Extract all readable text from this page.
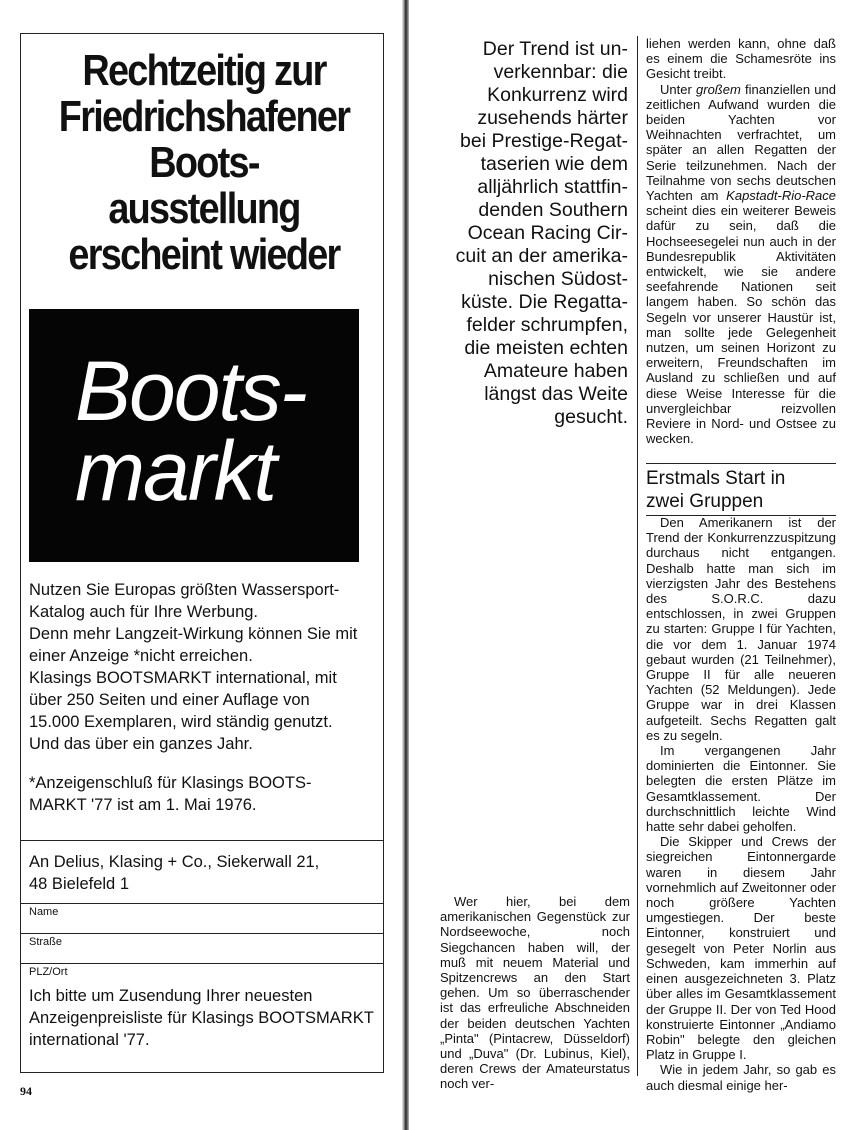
Rechtzeitig zur
Friedrichshafener
Boots-
ausstellung
erscheint wieder
Boots-
markt

Nutzen Sie Europas größten Wassersport-

Katalog auch für Ihre Werbung.

Denn mehr Langzeit-Wirkung können Sie mit

einer Anzeige *nicht erreichen.

Klasings BOOTSMARKT international, mit

über 250 Seiten und einer Auflage von

15.000 Exemplaren, wird ständig genutzt.

Und das über ein ganzes Jahr.

*Anzeigenschluß für Klasings BOOTS-

MARKT '77 ist am 1. Mai 1976.

An Delius, Klasing + Co., Siekerwall 21,
48 Bielefeld 1
Name
Straße
PLZ/Ort
Ich bitte um Zusendung Ihrer neuesten
Anzeigenpreisliste für Klasings BOOTSMARKT
international '77.
94

Der Trend ist un-

verkennbar: die

Konkurrenz wird

zusehends härter

bei Prestige-Regat-

taserien wie dem

alljährlich stattfin-

denden Southern

Ocean Racing Cir-

cuit an der amerika-

nischen Südost-

küste. Die Regatta-

felder schrumpfen,

die meisten echten

Amateure haben

längst das Weite

gesucht.

liehen werden kann, ohne daß es einem die Schamesröte ins Gesicht treibt.

Unter großem finanziellen und zeitlichen Aufwand wurden die beiden Yachten vor Weihnachten verfrachtet, um später an allen Regatten der Serie teilzunehmen. Nach der Teilnahme von sechs deutschen Yachten am Kapstadt-Rio-Race scheint dies ein weiterer Beweis dafür zu sein, daß die Hochseesegelei nun auch in der Bundesrepublik Aktivitäten entwickelt, wie sie andere seefahrende Nationen seit langem haben. So schön das Segeln vor unserer Haustür ist, man sollte jede Gelegenheit nutzen, um seinen Horizont zu erweitern, Freundschaften im Ausland zu schließen und auf diese Weise Interesse für die unvergleichbar reizvollen Reviere in Nord- und Ostsee zu wecken.

Erstmals Start in
zwei Gruppen

Den Amerikanern ist der Trend der Konkurrenzzuspitzung durchaus nicht entgangen. Deshalb hatte man sich im vierzigsten Jahr des Bestehens des S.O.R.C. dazu entschlossen, in zwei Gruppen zu starten: Gruppe I für Yachten, die vor dem 1. Januar 1974 gebaut wurden (21 Teilnehmer), Gruppe II für alle neueren Yachten (52 Meldungen). Jede Gruppe war in drei Klassen aufgeteilt. Sechs Regatten galt es zu segeln.

Im vergangenen Jahr dominierten die Eintonner. Sie belegten die ersten Plätze im Gesamtklassement. Der durchschnittlich leichte Wind hatte sehr dabei geholfen.

Die Skipper und Crews der siegreichen Eintonnergarde waren in diesem Jahr vornehmlich auf Zweitonner oder noch größere Yachten umgestiegen. Der beste Eintonner, konstruiert und gesegelt von Peter Norlin aus Schweden, kam immerhin auf einen ausgezeichneten 3. Platz über alles im Gesamtklassement der Gruppe II. Der von Ted Hood konstruierte Eintonner „Andiamo Robin" belegte den gleichen Platz in Gruppe I.

Wie in jedem Jahr, so gab es auch diesmal einige her-

Wer hier, bei dem amerikanischen Gegenstück zur Nordseewoche, noch Siegchancen haben will, der muß mit neuem Material und Spitzencrews an den Start gehen. Um so überraschender ist das erfreuliche Abschneiden der beiden deutschen Yachten „Pinta" (Pintacrew, Düsseldorf) und „Duva" (Dr. Lubinus, Kiel), deren Crews der Amateurstatus noch ver-
